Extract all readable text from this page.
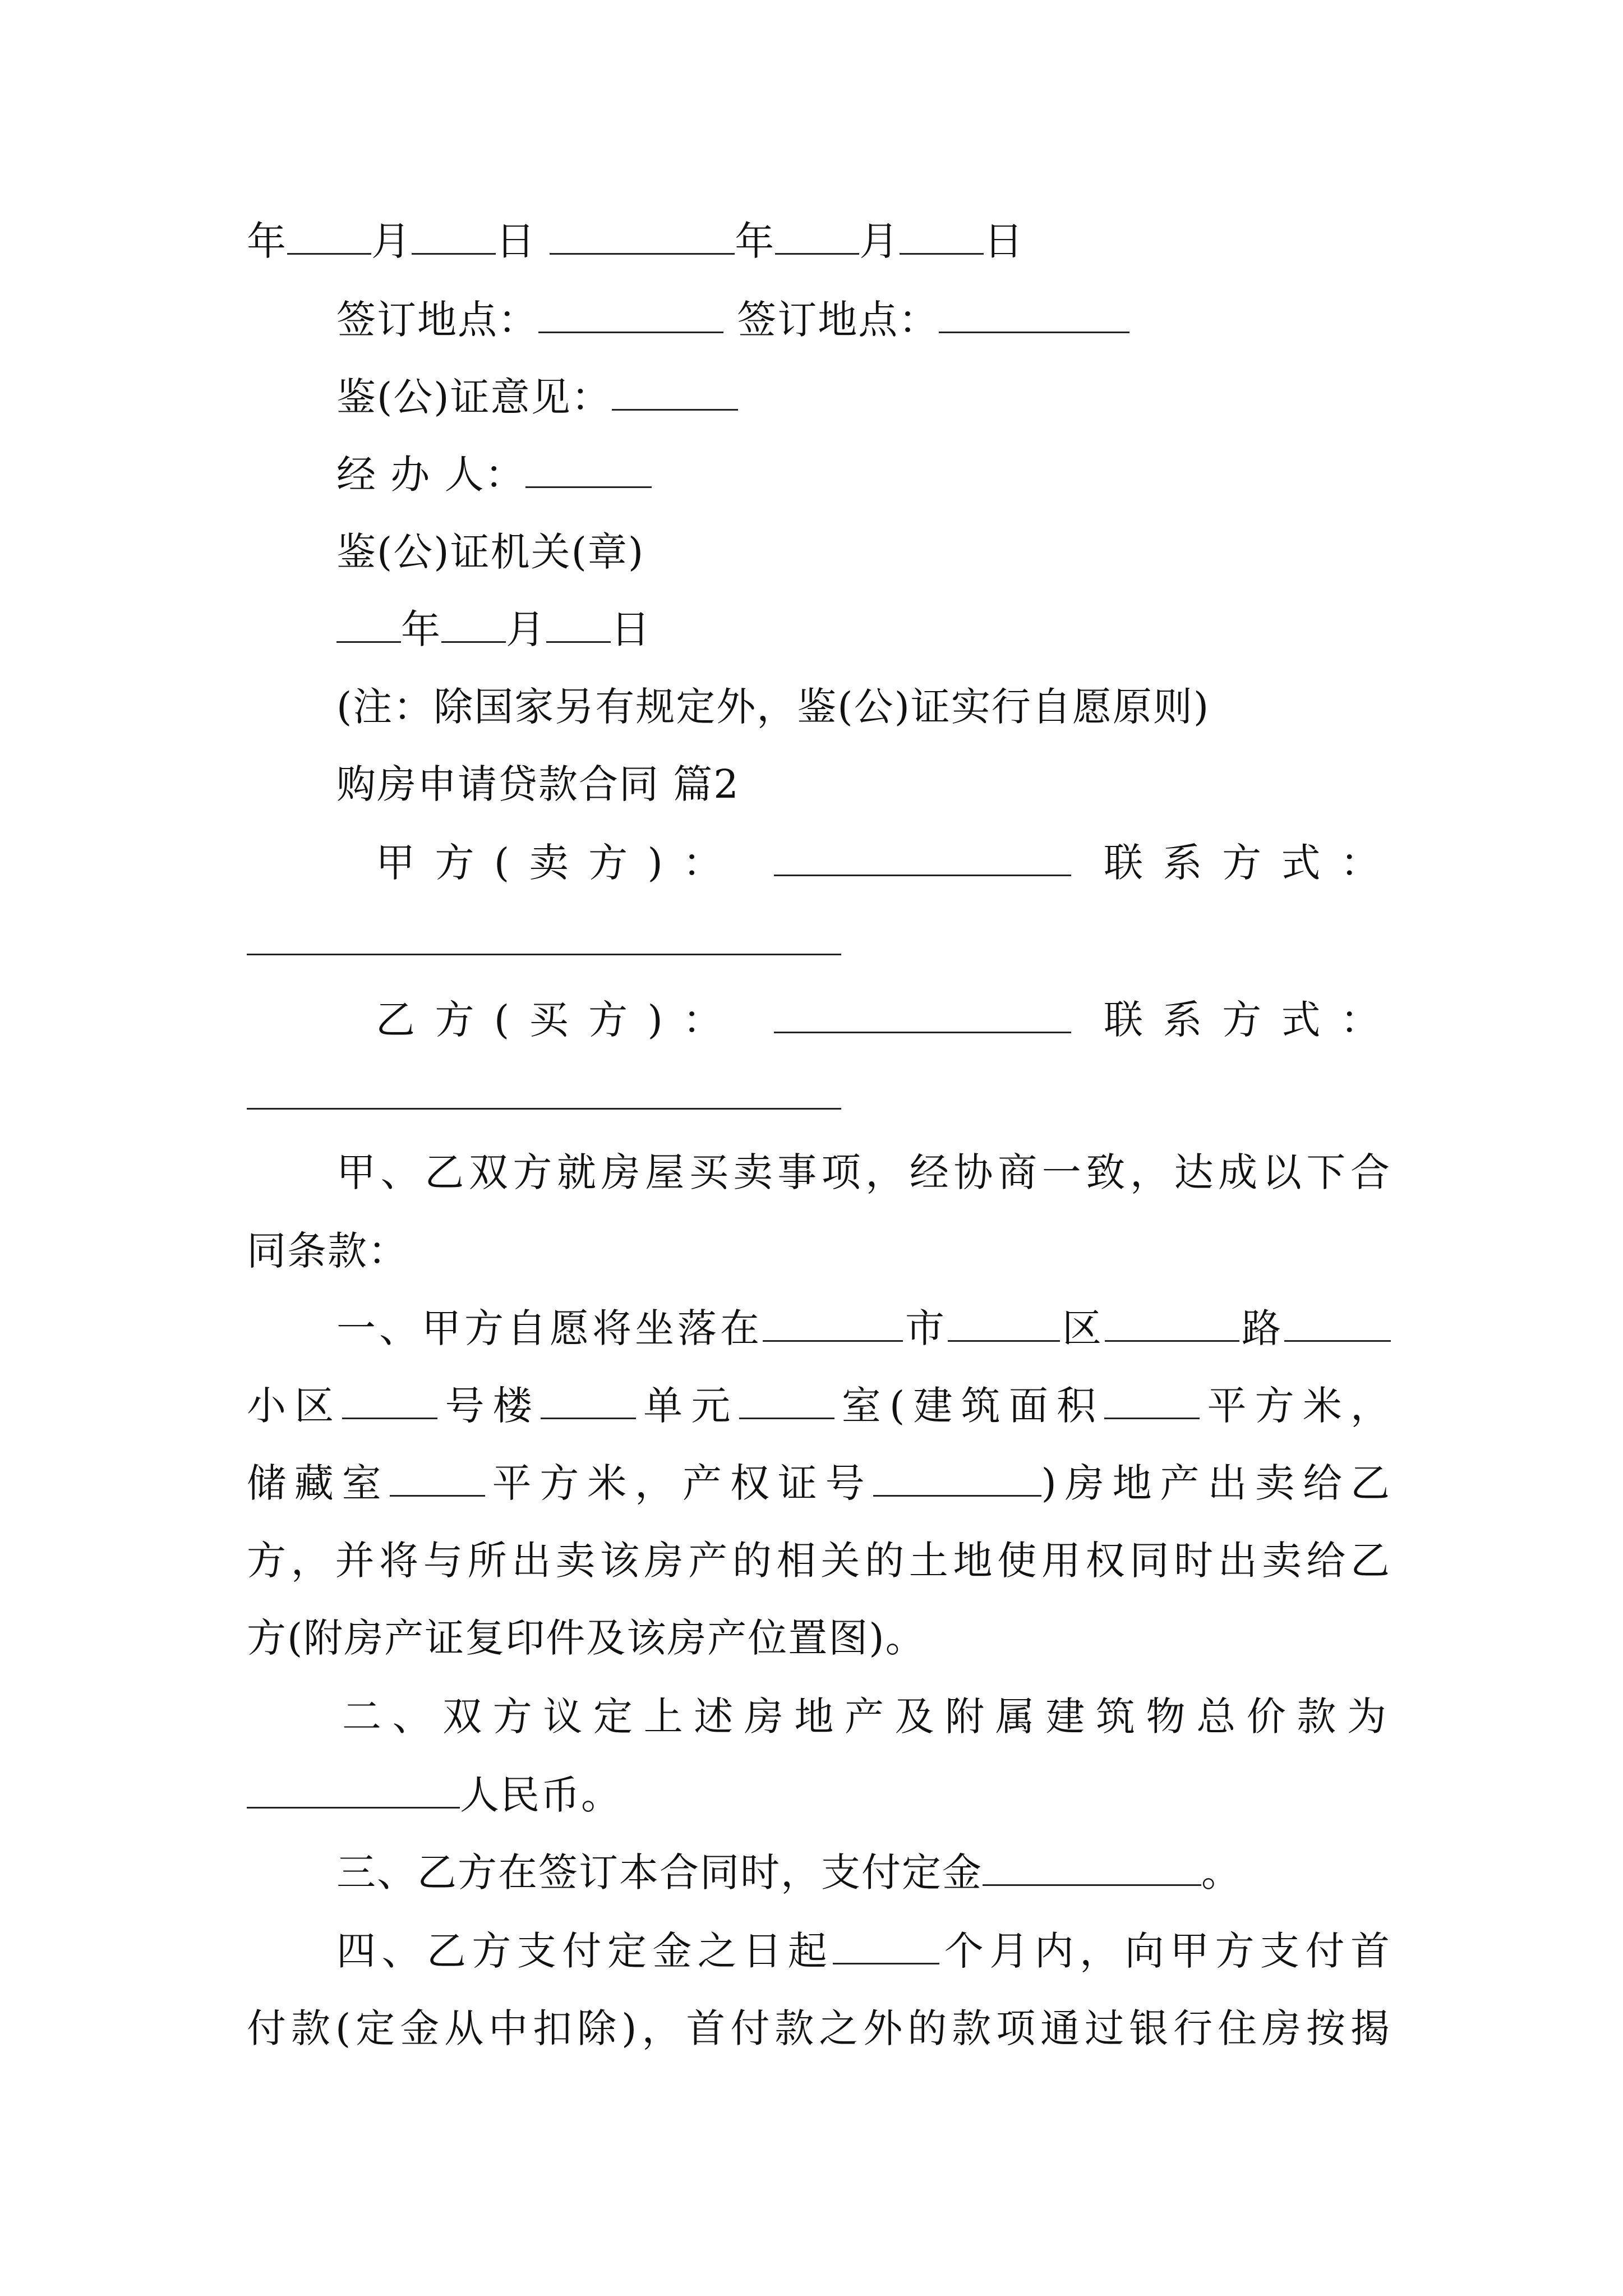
年 月 日	年 月 日
签订地点：	签订地点：
鉴(公)证意见：
经 办 人：
鉴(公)证机关(章)
年 月 日
(注：除国家另有规定外，鉴(公)证实行自愿原则)
购房申请贷款合同 篇2
甲方(卖方)：	联系方式：
乙方(买方)：	联系方式：
甲、乙双方就房屋买卖事项，经协商一致，达成以下合
同条款：
一、甲方自愿将坐落在	市	区	路
小区 号楼 单元 室(建筑面积 平方米，
储藏室 平方米，产权证号	)房地产出卖给乙
方，并将与所出卖该房产的相关的土地使用权同时出卖给乙
方(附房产证复印件及该房产位置图)。
二、双方议定上述房地产及附属建筑物总价款为
人民币。
三、乙方在签订本合同时，支付定金	。
四、乙方支付定金之日起	个月内，向甲方支付首
付款(定金从中扣除)，首付款之外的款项通过银行住房按揭
